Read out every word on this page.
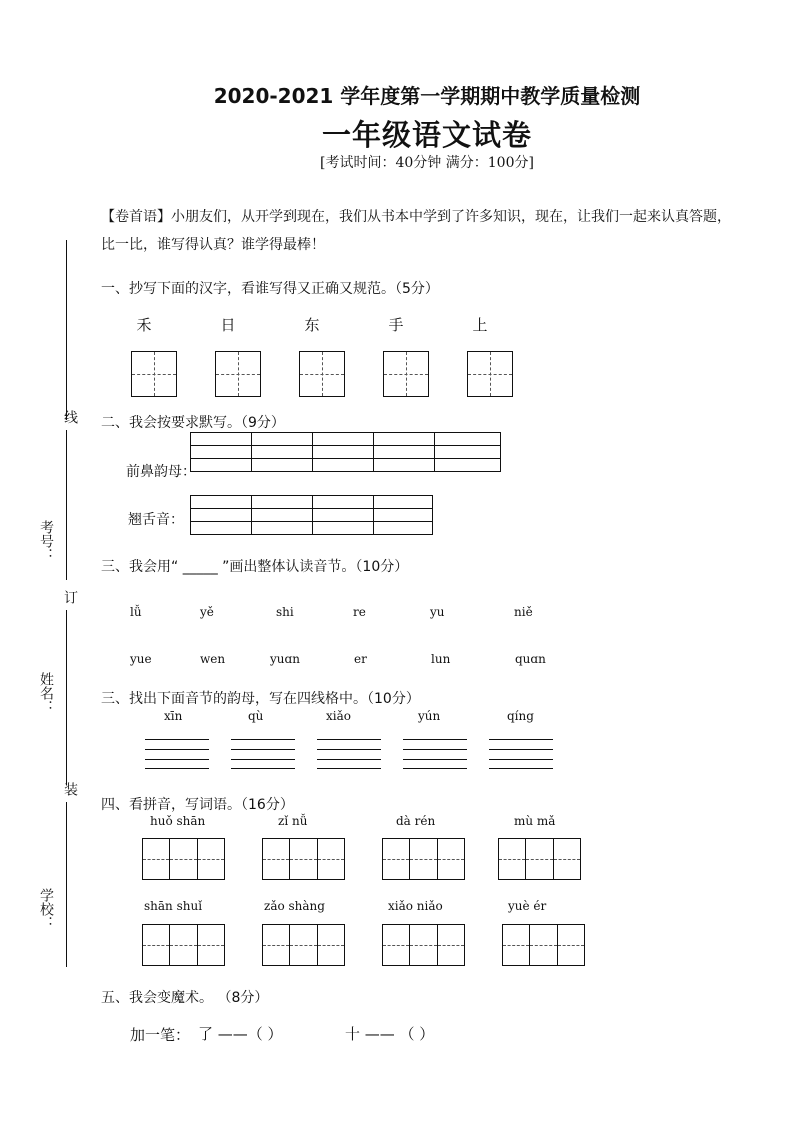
2020-2021 学年度第一学期期中教学质量检测
一年级语文试卷
[考试时间：40分钟 满分：100分]
【卷首语】小朋友们，从开学到现在，我们从书本中学到了许多知识，现在，让我们一起来认真答题，比一比，谁写得认真？谁学得最棒！
线
考号：
订
姓名：
装
学校：
一、抄写下面的汉字，看谁写得又正确又规范。（5分）
禾	日	东	手	上
二、我会按要求默写。（9分）
前鼻韵母：

翘舌音：

三、我会用“ _____ ”画出整体认读音节。（10分）
lǚ	yě	shi	re	yu	niě
yue	wen	yuɑn	er	lun	quɑn
三、找出下面音节的韵母，写在四线格中。（10分）
xīn	qù	xiǎo	yún	qíng
四、看拼音，写词语。（16分）
huǒ shān	zǐ nǚ	dà rén	mù mǎ
shān shuǐ	zǎo shàng	xiǎo niǎo	yuè ér
五、我会变魔术。 （8分）
加一笔： 了 ——（ ）	十 —— （ ）
